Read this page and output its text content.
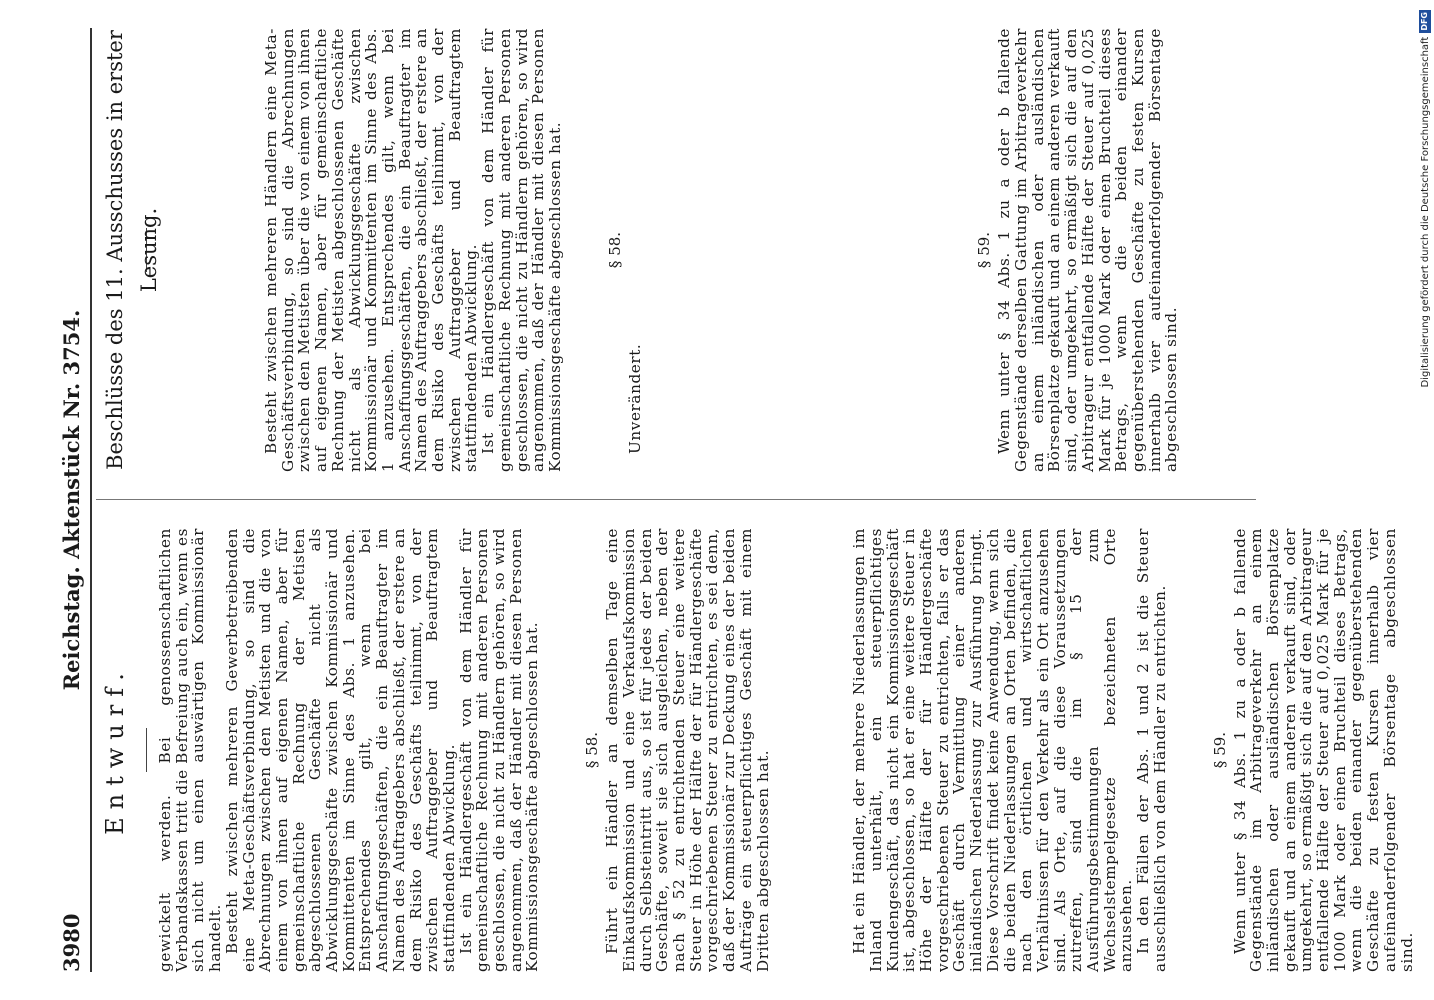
3980
Reichstag. Aktenstück Nr. 3754.
Entwurf. gewickelt werden. Bei genossenschaftlichen Verbandskassen tritt die Befreiung auch ein, wenn es sich nicht um einen auswärtigen Kommissionär handelt.

Besteht zwischen mehreren Gewerbetreibenden eine Meta-Geschäftsverbindung, so sind die Abrechnungen zwischen den Metisten und die von einem von ihnen auf eigenen Namen, aber für gemeinschaftliche Rechnung der Metisten abgeschlossenen Geschäfte nicht als Abwicklungsgeschäfte zwischen Kommissionär und Kommittenten im Sinne des Abs. 1 anzusehen. Entsprechendes gilt, wenn bei Anschaffungsgeschäften, die ein Beauftragter im Namen des Auftraggebers abschließt, der erstere an dem Risiko des Geschäfts teilnimmt, von der zwischen Auftraggeber und Beauftragtem stattfindenden Abwicklung.

Ist ein Händlergeschäft von dem Händler für gemeinschaftliche Rechnung mit anderen Personen geschlossen, die nicht zu Händlern gehören, so wird angenommen, daß der Händler mit diesen Personen Kommissionsgeschäfte abgeschlossen hat.	§ 58. Führt ein Händler an demselben Tage eine Einkaufskommission und eine Verkaufskommission durch Selbsteintritt aus, so ist für jedes der beiden Geschäfte, soweit sie sich ausgleichen, neben der nach § 52 zu entrichtenden Steuer eine weitere Steuer in Höhe der Hälfte der für Händlergeschäfte vorgeschriebenen Steuer zu entrichten, es sei denn, daß der Kommissionär zur Deckung eines der beiden Aufträge ein steuerpflichtiges Geschäft mit einem Dritten abgeschlossen hat.	Hat ein Händler, der mehrere Niederlassungen im Inland unterhält, ein steuerpflichtiges Kundengeschäft, das nicht ein Kommissionsgeschäft ist, abgeschlossen, so hat er eine weitere Steuer in Höhe der Hälfte der für Händlergeschäfte vorgeschriebenen Steuer zu entrichten, falls er das Geschäft durch Vermittlung einer anderen inländischen Niederlassung zur Ausführung bringt. Diese Vorschrift findet keine Anwendung, wenn sich die beiden Niederlassungen an Orten befinden, die nach den örtlichen und wirtschaftlichen Verhältnissen für den Verkehr als ein Ort anzusehen sind. Als Orte, auf die diese Voraussetzungen zutreffen, sind die im § 15 der Ausführungsbestimmungen zum Wechselstempelgesetze bezeichneten Orte anzusehen.

In den Fällen der Abs. 1 und 2 ist die Steuer ausschließlich von dem Händler zu entrichten.	§ 59. Wenn unter § 34 Abs. 1 zu a oder b fallende Gegenstände im Arbitrageverkehr an einem inländischen oder ausländischen Börsenplatze gekauft und an einem anderen verkauft sind, oder umgekehrt, so ermäßigt sich die auf den Arbitrageur entfallende Hälfte der Steuer auf 0,025 Mark für je 1000 Mark oder einen Bruchteil dieses Betrags, wenn die beiden einander gegenüberstehenden Geschäfte zu festen Kursen innerhalb vier aufeinanderfolgender Börsentage abgeschlossen sind.

Beschlüsse des 11. Ausschusses in erster Lesung.	Besteht zwischen mehreren Händlern eine Meta-Geschäftsverbindung, so sind die Abrechnungen zwischen den Metisten über die von einem von ihnen auf eigenen Namen, aber für gemeinschaftliche Rechnung der Metisten abgeschlossenen Geschäfte nicht als Abwicklungsgeschäfte zwischen Kommissionär und Kommittenten im Sinne des Abs. 1 anzusehen. Entsprechendes gilt, wenn bei Anschaffungsgeschäften, die ein Beauftragter im Namen des Auftraggebers abschließt, der erstere an dem Risiko des Geschäfts teilnimmt, von der zwischen Auftraggeber und Beauftragtem stattfindenden Abwicklung.

Ist ein Händlergeschäft von dem Händler für gemeinschaftliche Rechnung mit anderen Personen geschlossen, die nicht zu Händlern gehören, so wird angenommen, daß der Händler mit diesen Personen Kommissionsgeschäfte abgeschlossen hat.	§ 58.

Unverändert.

§ 59. Wenn unter § 34 Abs. 1 zu a oder b fallende Gegenstände derselben Gattung im Arbitrageverkehr an einem inländischen oder ausländischen Börsenplatze gekauft und an einem anderen verkauft sind, oder umgekehrt, so ermäßigt sich die auf den Arbitrageur entfallende Hälfte der Steuer auf 0,025 Mark für je 1000 Mark oder einen Bruchteil dieses Betrags, wenn die beiden einander gegenüberstehenden Geschäfte zu festen Kursen innerhalb vier aufeinanderfolgender Börsentage abgeschlossen sind.

Digitalisierung gefördert durch die Deutsche Forschungsgemeinschaft
DFG
